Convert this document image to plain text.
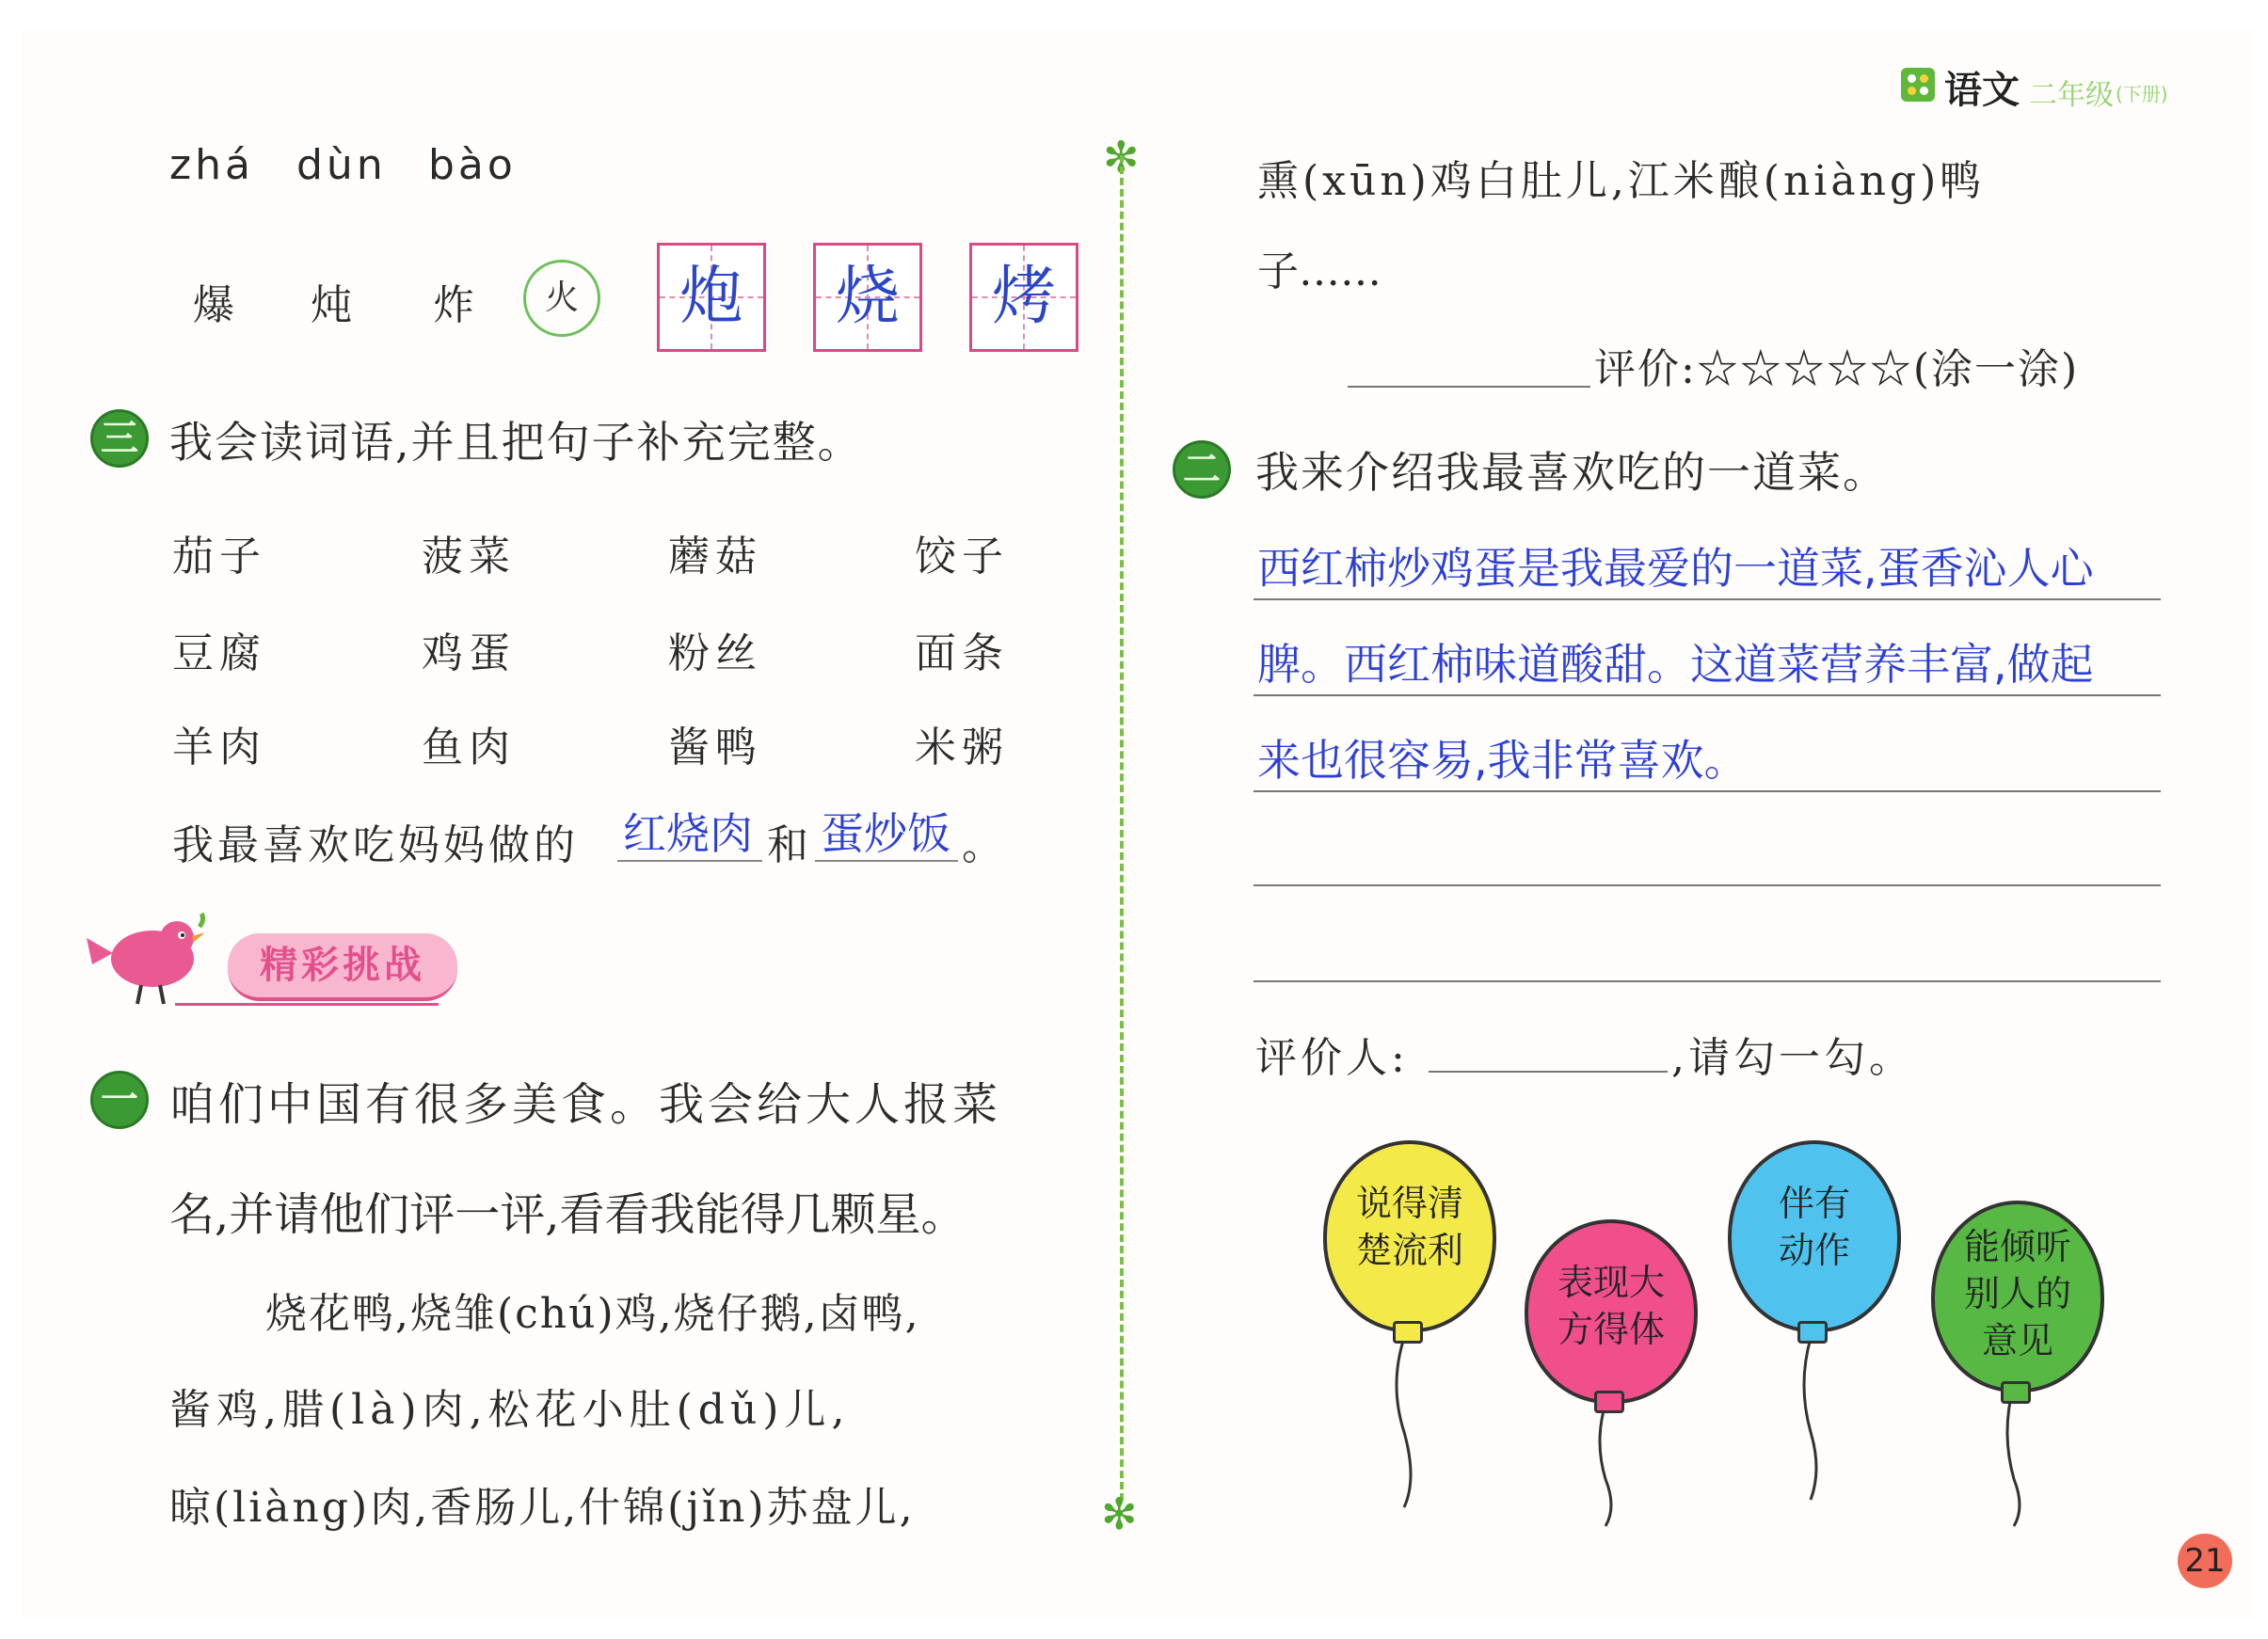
语文 二年级 (下册)
zhá dùn bào
爆 炖 炸	火	炮	烧	烤
三 我会读词语,并且把句子补充完整。
茄子	菠菜	蘑菇	饺子
豆腐	鸡蛋	粉丝	面条
羊肉	鱼肉	酱鸭	米粥
我最喜欢吃妈妈做的 红烧肉 和 蛋炒饭 。
精彩挑战
一 咱们中国有很多美食。我会给大人报菜
名,并请他们评一评,看看我能得几颗星。
烧花鸭,烧雏(chú)鸡,烧仔鹅,卤鸭,
酱鸡,腊(là)肉,松花小肚(dǔ)儿,
晾(liàng)肉,香肠儿,什锦(jǐn)苏盘儿,
✻
✻
熏(xūn)鸡白肚儿,江米酿(niàng)鸭
子……
评价:☆☆☆☆☆(涂一涂)
二 我来介绍我最喜欢吃的一道菜。
西红柿炒鸡蛋是我最爱的一道菜,蛋香沁人心
脾。西红柿味道酸甜。这道菜营养丰富,做起
来也很容易,我非常喜欢。
评价人:	,请勾一勾。
说得清
楚流利
表现大
方得体
伴有
动作	能倾听
别人的
意见
21
